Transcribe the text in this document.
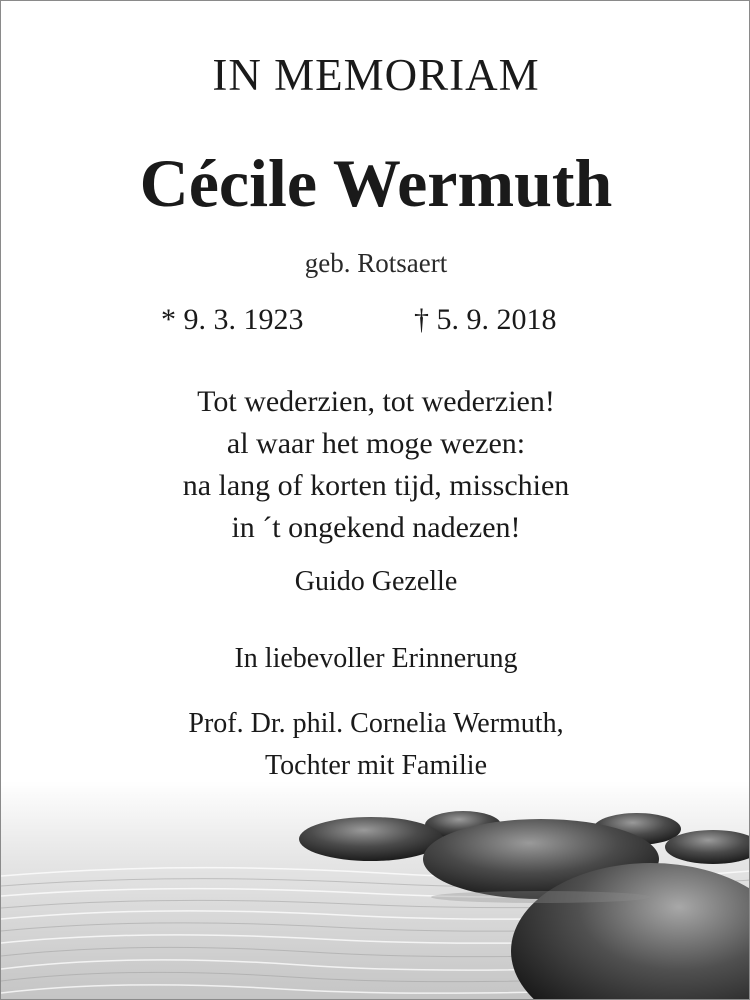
IN MEMORIAM
Cécile Wermuth
geb. Rotsaert
* 9. 3. 1923	† 5. 9. 2018
Tot wederzien, tot wederzien!
al waar het moge wezen:
na lang of korten tijd, misschien
in ´t ongekend nadezen!
Guido Gezelle
In liebevoller Erinnerung
Prof. Dr. phil. Cornelia Wermuth,
Tochter mit Familie
